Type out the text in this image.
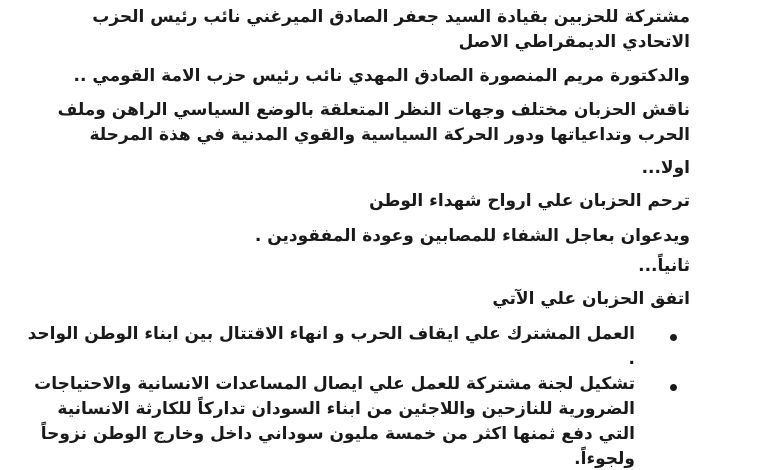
مشتركة للحزبين بقيادة السيد جعفر الصادق الميرغني نائب رئيس الحزب
الاتحادي الديمقراطي الاصل
والدكتورة مريم المنصورة الصادق المهدي نائب رئيس حزب الامة القومي ..
ناقش الحزبان مختلف وجهات النظر المتعلقة بالوضع السياسي الراهن وملف
الحرب وتداعياتها ودور الحركة السياسية والقوي المدنية في هذة المرحلة
اولا...
ترحم الحزبان علي ارواح شهداء الوطن
ويدعوان بعاجل الشفاء للمصابين وعودة المفقودين .
ثانياً...
اتفق الحزبان علي الآتي
العمل المشترك علي ايقاف الحرب و انهاء الاقتتال بين ابناء الوطن الواحد
.
تشكيل لجنة مشتركة للعمل علي ايصال المساعدات الانسانية والاحتياجات
الضرورية للنازحين واللاجئين من ابناء السودان تداركاً للكارثة الانسانية
التي دفع ثمنها اكثر من خمسة مليون سوداني داخل وخارج الوطن نزوحاً
ولجوءاً.
